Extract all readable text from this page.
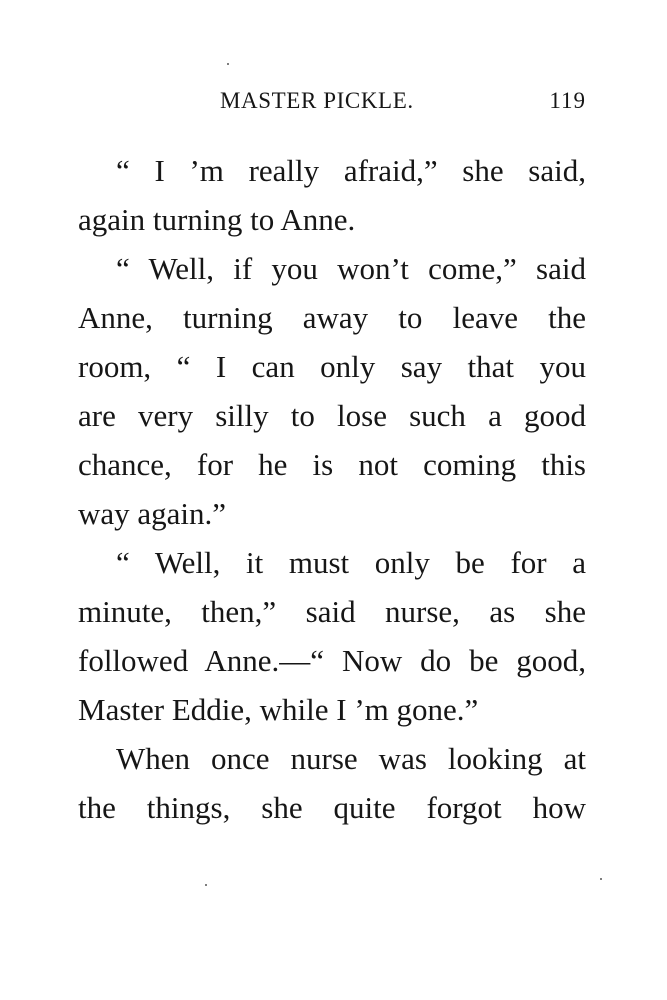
MASTER PICKLE.	119

“ I ’m really afraid,” she said,
again turning to Anne.

“ Well, if you won’t come,” said
Anne, turning away to leave the
room, “ I can only say that you
are very silly to lose such a good
chance, for he is not coming this
way again.”

“ Well, it must only be for a
minute, then,” said nurse, as she
followed Anne.—“ Now do be good,
Master Eddie, while I ’m gone.”

When once nurse was looking at
the things, she quite forgot how
